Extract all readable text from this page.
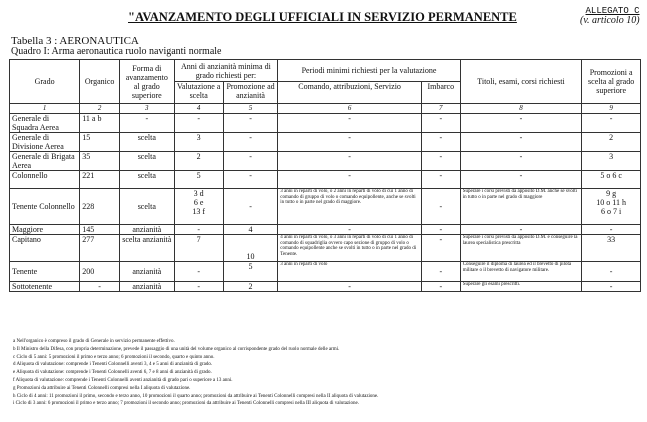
"AVANZAMENTO DEGLI UFFICIALI IN SERVIZIO PERMANENTE	ALLEGATO C
(v. articolo 10)
Tabella 3 : AERONAUTICA
Quadro I: Arma aeronautica ruolo naviganti normale
Grado	Organico	Forma di avanzamento al grado superiore	Anni di anzianità minima di grado richiesti per:		Periodi minimi richiesti per la valutazione		Titoli, esami, corsi richiesti	Promozioni a scelta al grado superiore
			Valutazione a scelta	Promozione ad anzianità	Comando, attribuzioni, Servizio	Imbarco		
1	2	3	4	5	6	7	8	9
Generale di Squadra Aerea	11 a b	-	-	-	-	-	-	-
Generale di Divisione Aerea	15	scelta	3	-	-	-	-	2
Generale di Brigata Aerea	35	scelta	2	-	-	-	-	3
Colonnello	221	scelta	5	-	-	-	-	5 o 6 c
Tenente Colonnello	228	scelta	3 d
6 e
13 f	-	3 anni in reparti di volo, o 2 anni in reparti di volo di cui 1 anno di comando di gruppo di volo o comando equipollente, anche se svolti in tutto o in parte nel grado di maggiore.	-	Superare i corsi previsti da apposito D.M. anche se svolti in tutto o in parte nel grado di maggiore	9 g
10 o 11 h
6 o 7 i
Maggiore	145	anzianità	-	4	-	-	-	-
Capitano	277	scelta anzianità	7	10	4 anni in reparti di volo, o 3 anni in reparti di volo di cui 1 anno di comando di squadriglia ovvero capo sezione di gruppo di volo o comando equipollente anche se svolti in tutto o in parte nel grado di Tenente.	-	Superare i corsi previsti da apposito D.M. e conseguire la laurea specialistica prescritta	33
Tenente	200	anzianità	-	5	3 anni in reparti di volo	-	Conseguire il diploma di laurea ed il brevetto di pilota militare o il brevetto di navigatore militare.	-
Sottotenente	-	anzianità	-	2	-	-	Superare gli esami prescritti.	-
a Nell'organico è compreso il grado di Generale in servizio permanente effettivo.
b Il Ministro della Difesa, con propria determinazione, prevede il passaggio di una unità del volume organico al corrispondente grado del ruolo normale delle armi.
c Ciclo di 5 anni: 5 promozioni il primo e terzo anno; 6 promozioni il secondo, quarto e quinto anno.
d Aliquota di valutazione: comprende i Tenenti Colonnelli aventi 3, 4 e 5 anni di anzianità di grado.
e Aliquota di valutazione: comprende i Tenenti Colonnelli aventi 6, 7 e 8 anni di anzianità di grado.
f Aliquota di valutazione: comprende i Tenenti Colonnelli aventi anzianità di grado pari o superiore a 13 anni.
g Promozioni da attribuire ai Tenenti Colonnelli compresi nella I aliquota di valutazione.
h Ciclo di 4 anni: 11 promozioni il primo, secondo e terzo anno, 10 promozioni il quarto anno; promozioni da attribuire ai Tenenti Colonnelli compresi nella II aliquota di valutazione.
i Ciclo di 3 anni: 6 promozioni il primo e terzo anno; 7 promozioni il secondo anno; promozioni da attribuire ai Tenenti Colonnelli compresi nella III aliquota di valutazione.
